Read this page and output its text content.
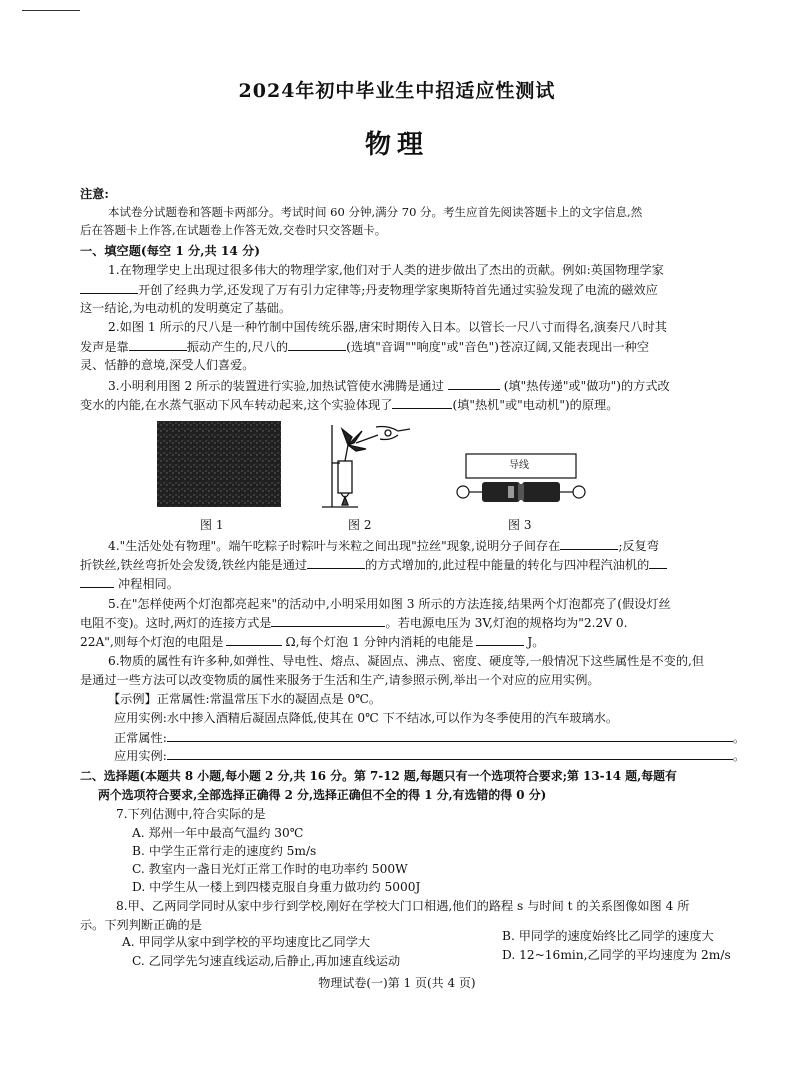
2024年初中毕业生中招适应性测试
物理
注意:
本试卷分试题卷和答题卡两部分。考试时间 60 分钟,满分 70 分。考生应首先阅读答题卡上的文字信息,然
后在答题卡上作答,在试题卷上作答无效,交卷时只交答题卡。
一、填空题(每空 1 分,共 14 分)
1.在物理学史上出现过很多伟大的物理学家,他们对于人类的进步做出了杰出的贡献。例如:英国物理学家
开创了经典力学,还发现了万有引力定律等;丹麦物理学家奥斯特首先通过实验发现了电流的磁效应
这一结论,为电动机的发明奠定了基础。
2.如图 1 所示的尺八是一种竹制中国传统乐器,唐宋时期传入日本。以管长一尺八寸而得名,演奏尺八时其
发声是靠	振动产生的,尺八的	(选填"音调""响度"或"音色")苍凉辽阔,又能表现出一种空
灵、恬静的意境,深受人们喜爱。
3.小明利用图 2 所示的装置进行实验,加热试管使水沸腾是通过	(填"热传递"或"做功")的方式改
变水的内能,在水蒸气驱动下风车转动起来,这个实验体现了	(填"热机"或"电动机")的原理。
导线
图 1	图 2	图 3
4."生活处处有物理"。端午吃粽子时粽叶与米粒之间出现"拉丝"现象,说明分子间存在	;反复弯
折铁丝,铁丝弯折处会发烫,铁丝内能是通过	的方式增加的,此过程中能量的转化与四冲程汽油机的
冲程相同。
5.在"怎样使两个灯泡都亮起来"的活动中,小明采用如图 3 所示的方法连接,结果两个灯泡都亮了(假设灯丝
电阻不变)。这时,两灯的连接方式是	。若电源电压为 3V,灯泡的规格均为"2.2V 0.
22A",则每个灯泡的电阻是	Ω,每个灯泡 1 分钟内消耗的电能是	J。
6.物质的属性有许多种,如弹性、导电性、熔点、凝固点、沸点、密度、硬度等,一般情况下这些属性是不变的,但
是通过一些方法可以改变物质的属性来服务于生活和生产,请参照示例,举出一个对应的应用实例。
【示例】正常属性:常温常压下水的凝固点是 0℃。
应用实例:水中掺入酒精后凝固点降低,使其在 0℃ 下不结冰,可以作为冬季使用的汽车玻璃水。
正常属性:	。
应用实例:	。
二、选择题(本题共 8 小题,每小题 2 分,共 16 分。第 7-12 题,每题只有一个选项符合要求;第 13-14 题,每题有
两个选项符合要求,全部选择正确得 2 分,选择正确但不全的得 1 分,有选错的得 0 分)
7.下列估测中,符合实际的是
A. 郑州一年中最高气温约 30℃
B. 中学生正常行走的速度约 5m/s
C. 教室内一盏日光灯正常工作时的电功率约 500W
D. 中学生从一楼上到四楼克服自身重力做功约 5000J
8.甲、乙两同学同时从家中步行到学校,刚好在学校大门口相遇,他们的路程 s 与时间 t 的关系图像如图 4 所
示。下列判断正确的是
A. 甲同学从家中到学校的平均速度比乙同学大	B. 甲同学的速度始终比乙同学的速度大
C. 乙同学先匀速直线运动,后静止,再加速直线运动	D. 12~16min,乙同学的平均速度为 2m/s
物理试卷(一)第 1 页(共 4 页)
